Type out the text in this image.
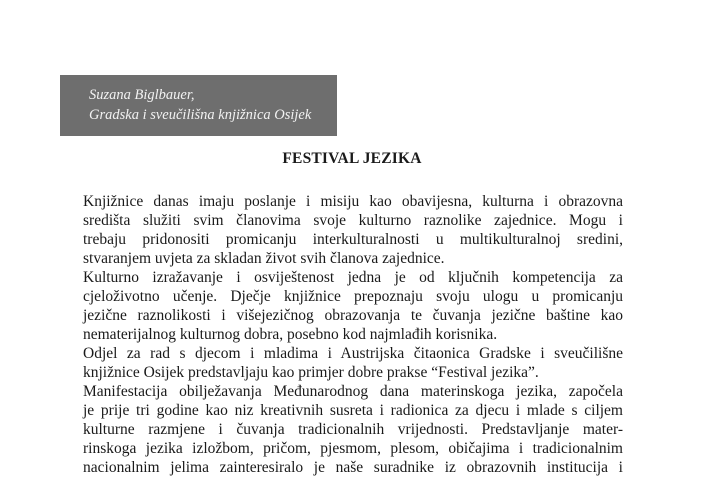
Suzana Biglbauer,
Gradska i sveučilišna knjižnica Osijek
FESTIVAL JEZIKA
Knjižnice danas imaju poslanje i misiju kao obavijesna, kulturna i obrazovna
središta služiti svim članovima svoje kulturno raznolike zajednice. Mogu i
trebaju pridonositi promicanju interkulturalnosti u multikulturalnoj sredini,
stvaranjem uvjeta za skladan život svih članova zajednice.
Kulturno izražavanje i osviještenost jedna je od ključnih kompetencija za
cjeloživotno učenje. Dječje knjižnice prepoznaju svoju ulogu u promicanju
jezične raznolikosti i višejezičnog obrazovanja te čuvanja jezične baštine kao
nematerijalnog kulturnog dobra, posebno kod najmlađih korisnika.
Odjel za rad s djecom i mladima i Austrijska čitaonica Gradske i sveučilišne
knjižnice Osijek predstavljaju kao primjer dobre prakse “Festival jezika”.
Manifestacija obilježavanja Međunarodnog dana materinskoga jezika, započela
je prije tri godine kao niz kreativnih susreta i radionica za djecu i mlade s ciljem
kulturne razmjene i čuvanja tradicionalnih vrijednosti. Predstavljanje mater-
rinskoga jezika izložbom, pričom, pjesmom, plesom, običajima i tradicionalnim
nacionalnim jelima zainteresiralo je naše suradnike iz obrazovnih institucija i
